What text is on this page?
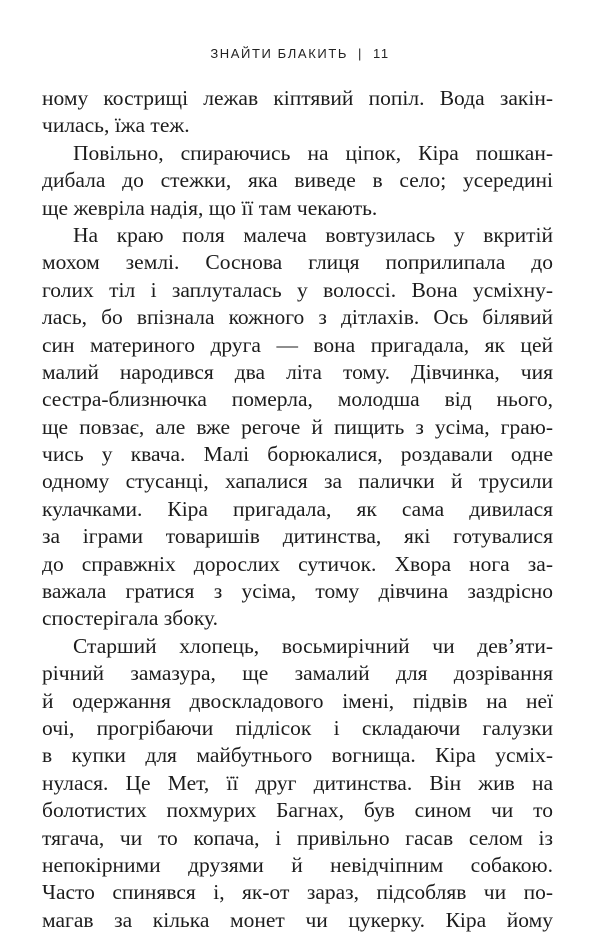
ЗНАЙТИ БЛАКИТЬ | 11
ному кострищі лежав кіптявий попіл. Вода закін-
чилась, їжа теж.
Повільно, спираючись на ціпок, Кіра пошкан-
дибала до стежки, яка виведе в село; усередині
ще жевріла надія, що її там чекають.
На краю поля малеча вовтузилась у вкритій
мохом землі. Соснова глиця поприлипала до
голих тіл і заплуталась у волоссі. Вона усміхну-
лась, бо впізнала кожного з дітлахів. Ось білявий
син материного друга — вона пригадала, як цей
малий народився два літа тому. Дівчинка, чия
сестра-близнючка померла, молодша від нього,
ще повзає, але вже регоче й пищить з усіма, граю-
чись у квача. Малі борюкалися, роздавали одне
одному стусанці, хапалися за палички й трусили
кулачками. Кіра пригадала, як сама дивилася
за іграми товаришів дитинства, які готувалися
до справжніх дорослих сутичок. Хвора нога за-
важала гратися з усіма, тому дівчина заздрісно
спостерігала збоку.
Старший хлопець, восьмирічний чи дев’яти-
річний замазура, ще замалий для дозрівання
й одержання двоскладового імені, підвів на неї
очі, прогрібаючи підлісок і складаючи галузки
в купки для майбутнього вогнища. Кіра усміх-
нулася. Це Мет, її друг дитинства. Він жив на
болотистих похмурих Багнах, був сином чи то
тягача, чи то копача, і привільно гасав селом із
непокірними друзями й невідчіпним собакою.
Часто спинявся і, як-от зараз, підсобляв чи по-
магав за кілька монет чи цукерку. Кіра йому
